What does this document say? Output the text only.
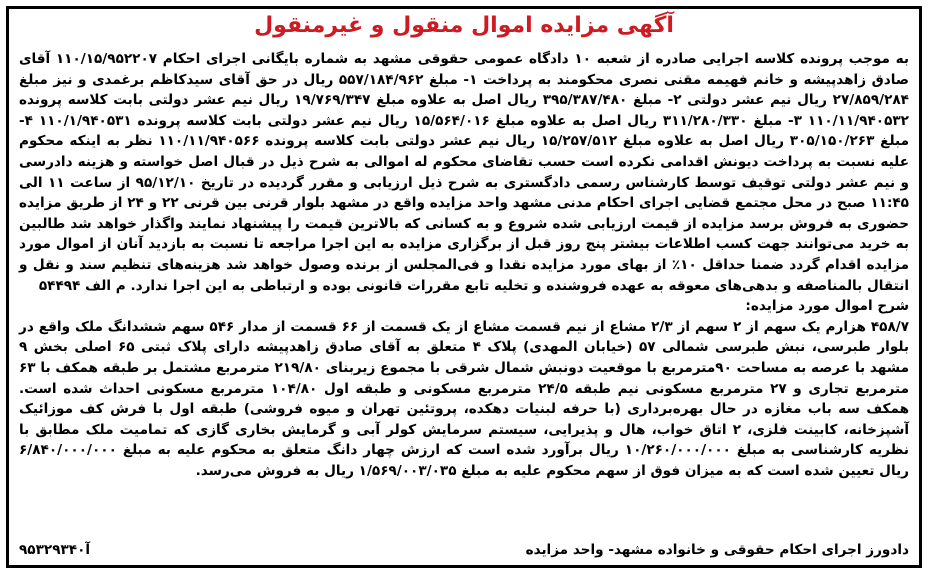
آگهی مزایده اموال منقول و غیرمنقول

به موجب پرونده کلاسه اجرایی صادره از شعبه ۱۰ دادگاه عمومی حقوقی مشهد به شماره بایگانی اجرای احکام ۱۱۰/۱۵/۹۵۲۲۰۷ آقای صادق زاهدپیشه و خانم فهیمه مقنی نصری محکومند به پرداخت ۱- مبلغ ۵۵۷/۱۸۴/۹۶۲ ریال در حق آقای سیدکاظم برغمدی و نیز مبلغ ۲۷/۸۵۹/۲۸۴ ریال نیم عشر دولتی ۲- مبلغ ۳۹۵/۳۸۷/۴۸۰ ریال اصل به علاوه مبلغ ۱۹/۷۶۹/۳۴۷ ریال نیم عشر دولتی بابت کلاسه پرونده ۱۱۰/۱۱/۹۴۰۵۳۲ ۳- مبلغ ۳۱۱/۲۸۰/۳۳۰ ریال اصل به علاوه مبلغ ۱۵/۵۶۴/۰۱۶ ریال نیم عشر دولتی بابت کلاسه پرونده ۱۱۰/۱/۹۴۰۵۳۱ ۴- مبلغ ۳۰۵/۱۵۰/۲۶۳ ریال اصل به علاوه مبلغ ۱۵/۲۵۷/۵۱۲ ریال نیم عشر دولتی بابت کلاسه پرونده ۱۱۰/۱۱/۹۴۰۵۶۶ نظر به اینکه محکوم علیه نسبت به پرداخت دیونش اقدامی نکرده است حسب تقاضای محکوم له اموالی به شرح ذیل در قبال اصل خواسته و هزینه دادرسی و نیم عشر دولتی توقیف توسط کارشناس رسمی دادگستری به شرح ذیل ارزیابی و مقرر گردیده در تاریخ ۹۵/۱۲/۱۰ از ساعت ۱۱ الی ۱۱:۴۵ صبح در محل مجتمع قضایی اجرای احکام مدنی مشهد واحد مزایده واقع در مشهد بلوار قرنی بین قرنی ۲۲ و ۲۴ از طریق مزایده حضوری به فروش برسد مزایده از قیمت ارزیابی شده شروع و به کسانی که بالاترین قیمت را پیشنهاد نمایند واگذار خواهد شد طالبین به خرید می‌توانند جهت کسب اطلاعات بیشتر پنج روز قبل از برگزاری مزایده به این اجرا مراجعه تا نسبت به بازدید آنان از اموال مورد مزایده اقدام گردد ضمنا حداقل ۱۰٪ از بهای مورد مزایده نقدا و فی‌المجلس از برنده وصول خواهد شد هزینه‌های تنظیم سند و نقل و انتقال بالمناصفه و بدهی‌های معوقه به عهده فروشنده و تخلیه تابع مقررات قانونی بوده و ارتباطی به این اجرا ندارد. م الف ۵۴۴۹۴

شرح اموال مورد مزایده:

۴۵۸/۷ هزارم یک سهم از ۲ سهم از ۲/۳ مشاع از نیم قسمت مشاع از یک قسمت از ۶۶ قسمت از مدار ۵۴۶ سهم ششدانگ ملک واقع در بلوار طبرسی، نبش طبرسی شمالی ۵۷ (خیابان المهدی) پلاک ۴ متعلق به آقای صادق زاهدپیشه دارای پلاک ثبتی ۶۵ اصلی بخش ۹ مشهد با عرصه به مساحت ۹۰مترمربع با موقعیت دونبش شمال شرقی با مجموع زیربنای ۲۱۹/۸۰ مترمربع مشتمل بر طبقه همکف با ۶۳ مترمربع تجاری و ۲۷ مترمربع مسکونی نیم طبقه ۲۴/۵ مترمربع مسکونی و طبقه اول ۱۰۴/۸۰ مترمربع مسکونی احداث شده است. همکف سه باب مغازه در حال بهره‌برداری (با حرفه لبنیات دهکده، پروتئین تهران و میوه فروشی) طبقه اول با فرش کف موزائیک آشپزخانه، کابینت فلزی، ۲ اتاق خواب، هال و پذیرایی، سیستم سرمایش کولر آبی و گرمایش بخاری گازی که تمامیت ملک مطابق با نظریه کارشناسی به مبلغ ۱۰/۲۶۰/۰۰۰/۰۰۰ ریال برآورد شده است که ارزش چهار دانگ متعلق به محکوم علیه به مبلغ ۶/۸۴۰/۰۰۰/۰۰۰ ریال تعیین شده است که به میزان فوق از سهم محکوم علیه به مبلغ ۱/۵۶۹/۰۰۳/۰۳۵ ریال به فروش می‌رسد.

دادورز اجرای احکام حقوقی و خانواده مشهد- واحد مزایده
آ۹۵۳۲۹۳۴۰
